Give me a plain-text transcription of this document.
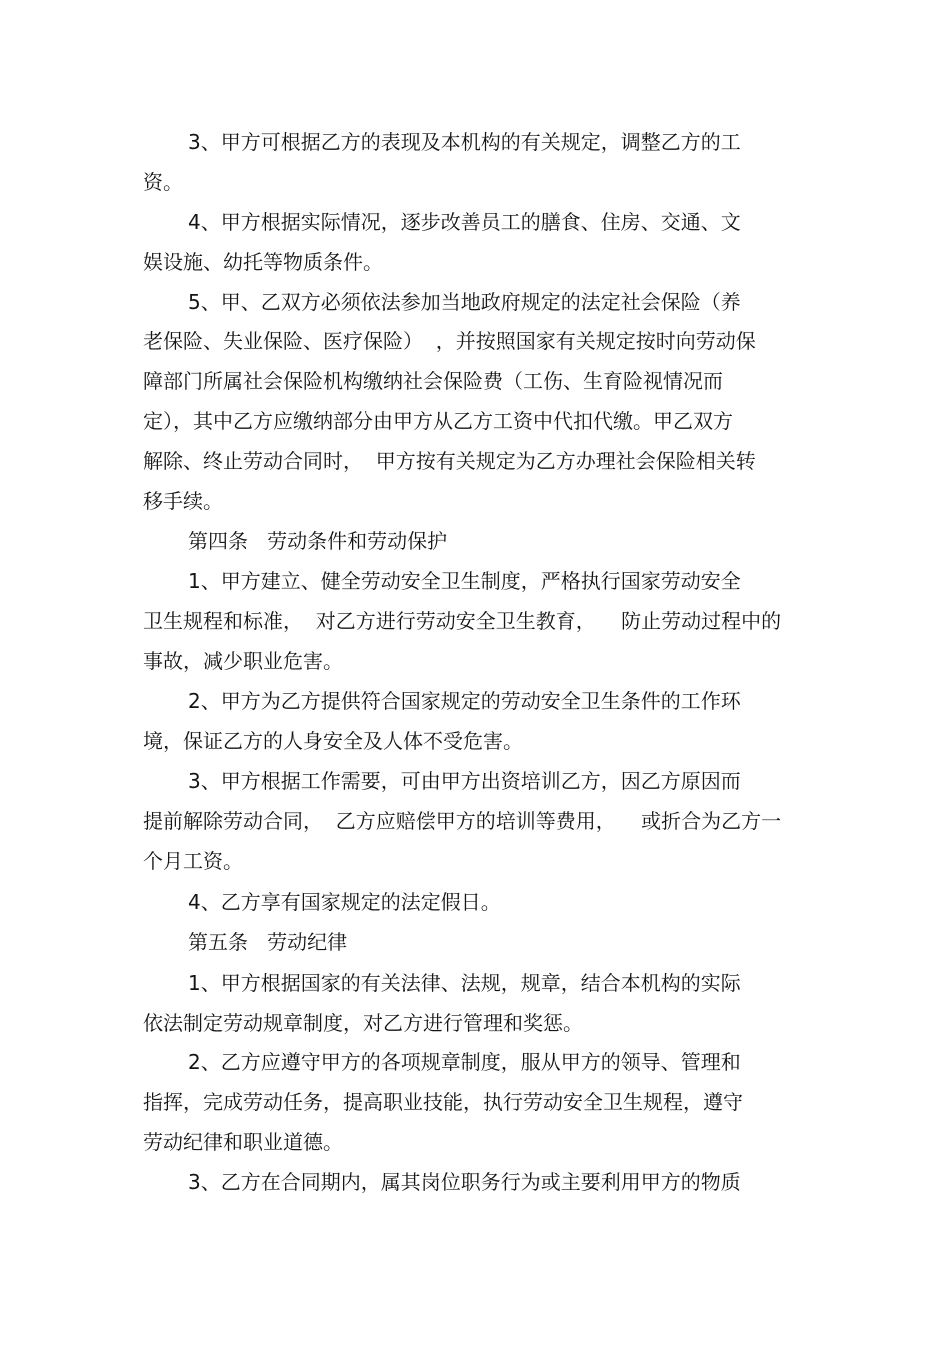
3、甲方可根据乙方的表现及本机构的有关规定，调整乙方的工
资。
4、甲方根据实际情况，逐步改善员工的膳食、住房、交通、文
娱设施、幼托等物质条件。
5、甲、乙双方必须依法参加当地政府规定的法定社会保险（养
老保险、失业保险、医疗保险）  ，并按照国家有关规定按时向劳动保
障部门所属社会保险机构缴纳社会保险费（工伤、生育险视情况而
定），其中乙方应缴纳部分由甲方从乙方工资中代扣代缴。甲乙双方
解除、终止劳动合同时，  甲方按有关规定为乙方办理社会保险相关转
移手续。
第四条   劳动条件和劳动保护
1、甲方建立、健全劳动安全卫生制度，严格执行国家劳动安全
卫生规程和标准，  对乙方进行劳动安全卫生教育，    防止劳动过程中的
事故，减少职业危害。
2、甲方为乙方提供符合国家规定的劳动安全卫生条件的工作环
境，保证乙方的人身安全及人体不受危害。
3、甲方根据工作需要，可由甲方出资培训乙方，因乙方原因而
提前解除劳动合同，  乙方应赔偿甲方的培训等费用，    或折合为乙方一
个月工资。
4、乙方享有国家规定的法定假日。
第五条   劳动纪律
1、甲方根据国家的有关法律、法规，规章，结合本机构的实际
依法制定劳动规章制度，对乙方进行管理和奖惩。
2、乙方应遵守甲方的各项规章制度，服从甲方的领导、管理和
指挥，完成劳动任务，提高职业技能，执行劳动安全卫生规程，遵守
劳动纪律和职业道德。
3、乙方在合同期内，属其岗位职务行为或主要利用甲方的物质
